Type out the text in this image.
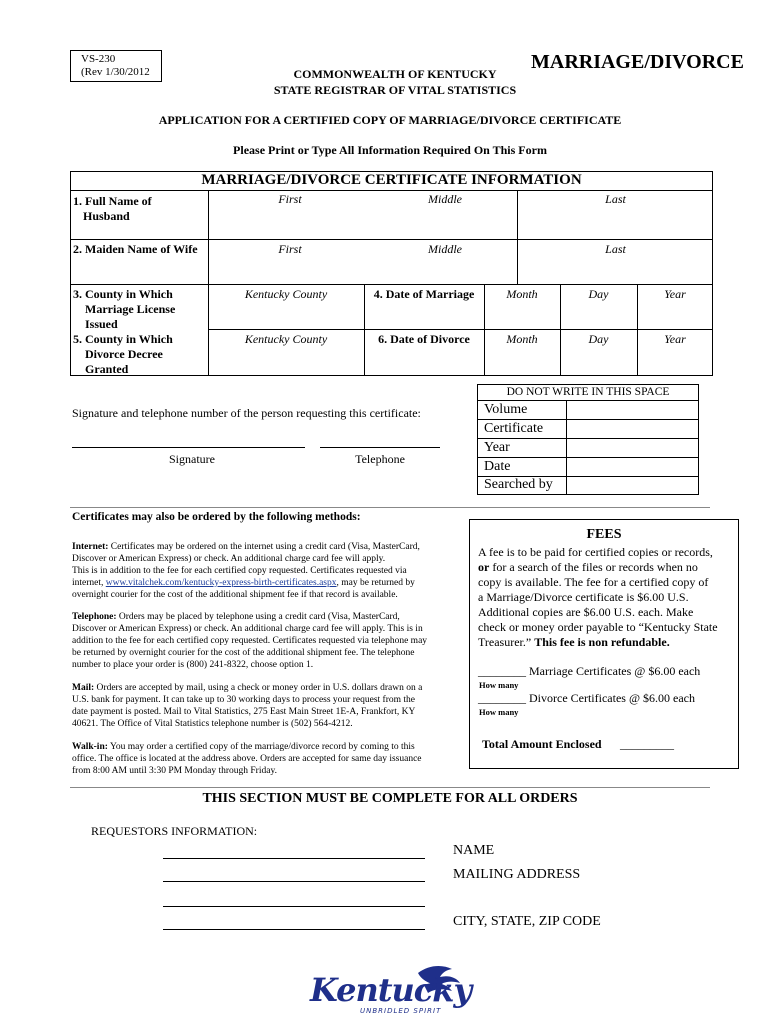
VS-230
(Rev 1/30/2012	COMMONWEALTH OF KENTUCKY
STATE REGISTRAR OF VITAL STATISTICS
MARRIAGE/DIVORCE
APPLICATION FOR A CERTIFIED COPY OF MARRIAGE/DIVORCE CERTIFICATE
Please Print or Type All Information Required On This Form
MARRIAGE/DIVORCE CERTIFICATE INFORMATION
1. Full Name of
Husband
First	Middle	Last
2. Maiden Name of Wife	First	Middle	Last
3. County in Which
Marriage License
Issued
Kentucky County	4. Date of Marriage	Month	Day	Year
5. County in Which
Divorce Decree
Granted
Kentucky County	6. Date of Divorce	Month	Day	Year
Signature and telephone number of the person requesting this certificate:
Signature	Telephone
DO NOT WRITE IN THIS SPACE
Volume
Certificate
Year
Date
Searched by
Certificates may also be ordered by the following methods:
Internet: Certificates may be ordered on the internet using a credit card (Visa, MasterCard,
Discover or American Express) or check. An additional charge card fee will apply.
This is in addition to the fee for each certified copy requested. Certificates requested via
internet, www.vitalchek.com/kentucky-express-birth-certificates.aspx, may be returned by
overnight courier for the cost of the additional shipment fee if that record is available.
Telephone: Orders may be placed by telephone using a credit card (Visa, MasterCard,
Discover or American Express) or check. An additional charge card fee will apply. This is in
addition to the fee for each certified copy requested. Certificates requested via telephone may
be returned by overnight courier for the cost of the additional shipment fee. The telephone
number to place your order is (800) 241-8322, choose option 1.
Mail: Orders are accepted by mail, using a check or money order in U.S. dollars drawn on a
U.S. bank for payment. It can take up to 30 working days to process your request from the
date payment is posted. Mail to Vital Statistics, 275 East Main Street 1E-A, Frankfort, KY
40621. The Office of Vital Statistics telephone number is (502) 564-4212.
Walk-in: You may order a certified copy of the marriage/divorce record by coming to this
office. The office is located at the address above. Orders are accepted for same day issuance
from 8:00 AM until 3:30 PM Monday through Friday.
FEES
A fee is to be paid for certified copies or records,
or for a search of the files or records when no
copy is available. The fee for a certified copy of
a Marriage/Divorce certificate is $6.00 U.S.
Additional copies are $6.00 U.S. each. Make
check or money order payable to “Kentucky State
Treasurer.” This fee is non refundable.
________ Marriage Certificates @ $6.00 each
How many
________ Divorce Certificates @ $6.00 each
How many
Total Amount Enclosed _________
THIS SECTION MUST BE COMPLETE FOR ALL ORDERS
REQUESTORS INFORMATION:
NAME
MAILING ADDRESS
CITY, STATE, ZIP CODE
Kentucky
UNBRIDLED SPIRIT
